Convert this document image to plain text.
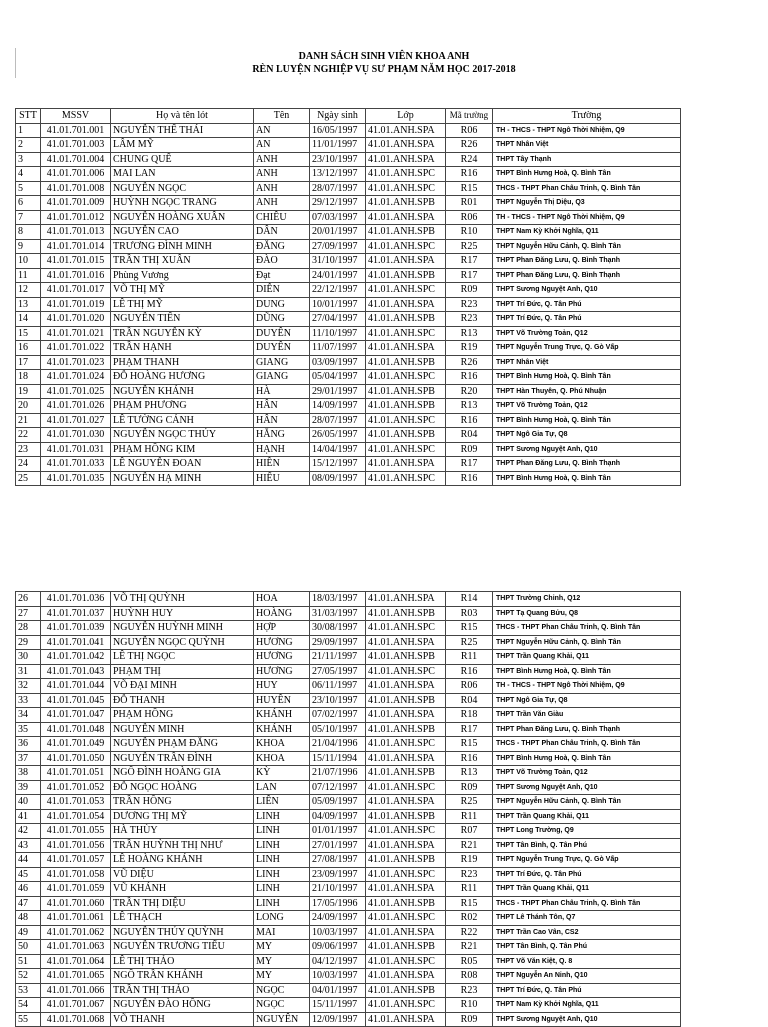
DANH SÁCH SINH VIÊN KHOA ANH
RÈN LUYỆN NGHIỆP VỤ SƯ PHẠM NĂM HỌC 2017-2018
STT	MSSV	Họ và tên lót	Tên	Ngày sinh	Lớp	Mã trường	Trường
1	41.01.701.001	NGUYỄN THẾ THÁI	AN	16/05/1997	41.01.ANH.SPA	R06	TH - THCS - THPT Ngô Thời Nhiệm, Q9
2	41.01.701.003	LÂM MỸ	AN	11/01/1997	41.01.ANH.SPA	R26	THPT Nhân Việt
3	41.01.701.004	CHUNG QUẾ	ANH	23/10/1997	41.01.ANH.SPA	R24	THPT Tây Thạnh
4	41.01.701.006	MAI LAN	ANH	13/12/1997	41.01.ANH.SPC	R16	THPT Bình Hưng Hoà, Q. Bình Tân
5	41.01.701.008	NGUYỄN NGỌC	ANH	28/07/1997	41.01.ANH.SPC	R15	THCS - THPT Phan Châu Trinh, Q. Bình Tân
6	41.01.701.009	HUỲNH NGỌC TRANG	ANH	29/12/1997	41.01.ANH.SPB	R01	THPT Nguyễn Thị Diệu, Q3
7	41.01.701.012	NGUYỄN HOÀNG XUÂN	CHIÊU	07/03/1997	41.01.ANH.SPA	R06	TH - THCS - THPT Ngô Thời Nhiệm, Q9
8	41.01.701.013	NGUYỄN CAO	DÂN	20/01/1997	41.01.ANH.SPB	R10	THPT Nam Kỳ Khởi Nghĩa, Q11
9	41.01.701.014	TRƯƠNG ĐÌNH MINH	ĐĂNG	27/09/1997	41.01.ANH.SPC	R25	THPT Nguyễn Hữu Cảnh, Q. Bình Tân
10	41.01.701.015	TRẦN THỊ XUÂN	ĐÀO	31/10/1997	41.01.ANH.SPA	R17	THPT Phan Đăng Lưu, Q. Bình Thạnh
11	41.01.701.016	Phùng Vương	Đạt	24/01/1997	41.01.ANH.SPB	R17	THPT Phan Đăng Lưu, Q. Bình Thạnh
12	41.01.701.017	VÕ THỊ MỸ	DIỄN	22/12/1997	41.01.ANH.SPC	R09	THPT Sương Nguyệt Anh, Q10
13	41.01.701.019	LÊ THỊ MỸ	DUNG	10/01/1997	41.01.ANH.SPA	R23	THPT Trí Đức, Q. Tân Phú
14	41.01.701.020	NGUYỄN TIẾN	DŨNG	27/04/1997	41.01.ANH.SPB	R23	THPT Trí Đức, Q. Tân Phú
15	41.01.701.021	TRẦN NGUYỄN KỲ	DUYÊN	11/10/1997	41.01.ANH.SPC	R13	THPT Võ Trường Toản, Q12
16	41.01.701.022	TRẦN HẠNH	DUYÊN	11/07/1997	41.01.ANH.SPA	R19	THPT Nguyễn Trung Trực, Q. Gò Vấp
17	41.01.701.023	PHẠM THANH	GIANG	03/09/1997	41.01.ANH.SPB	R26	THPT Nhân Việt
18	41.01.701.024	ĐỖ HOÀNG HƯƠNG	GIANG	05/04/1997	41.01.ANH.SPC	R16	THPT Bình Hưng Hoà, Q. Bình Tân
19	41.01.701.025	NGUYỄN KHÁNH	HÀ	29/01/1997	41.01.ANH.SPB	R20	THPT Hàn Thuyên, Q. Phú Nhuận
20	41.01.701.026	PHẠM PHƯƠNG	HÂN	14/09/1997	41.01.ANH.SPB	R13	THPT Võ Trường Toản, Q12
21	41.01.701.027	LÊ TƯỜNG CẢNH	HÂN	28/07/1997	41.01.ANH.SPC	R16	THPT Bình Hưng Hoà, Q. Bình Tân
22	41.01.701.030	NGUYỄN NGỌC THÚY	HẰNG	26/05/1997	41.01.ANH.SPB	R04	THPT Ngô Gia Tự, Q8
23	41.01.701.031	PHẠM HỒNG KIM	HẠNH	14/04/1997	41.01.ANH.SPC	R09	THPT Sương Nguyệt Anh, Q10
24	41.01.701.033	LÊ NGUYỄN ĐOAN	HIỀN	15/12/1997	41.01.ANH.SPA	R17	THPT Phan Đăng Lưu, Q. Bình Thạnh
25	41.01.701.035	NGUYỄN HẠ MINH	HIẾU	08/09/1997	41.01.ANH.SPC	R16	THPT Bình Hưng Hoà, Q. Bình Tân
26	41.01.701.036	VÕ THỊ QUỲNH	HOA	18/03/1997	41.01.ANH.SPA	R14	THPT Trường Chinh, Q12
27	41.01.701.037	HUỲNH HUY	HOÀNG	31/03/1997	41.01.ANH.SPB	R03	THPT Tạ Quang Bửu, Q8
28	41.01.701.039	NGUYỄN HUỲNH MINH	HỢP	30/08/1997	41.01.ANH.SPC	R15	THCS - THPT Phan Châu Trinh, Q. Bình Tân
29	41.01.701.041	NGUYỄN NGỌC QUỲNH	HƯƠNG	29/09/1997	41.01.ANH.SPA	R25	THPT Nguyễn Hữu Cảnh, Q. Bình Tân
30	41.01.701.042	LÊ THỊ NGỌC	HƯƠNG	21/11/1997	41.01.ANH.SPB	R11	THPT Trần Quang Khải, Q11
31	41.01.701.043	PHẠM THỊ	HƯƠNG	27/05/1997	41.01.ANH.SPC	R16	THPT Bình Hưng Hoà, Q. Bình Tân
32	41.01.701.044	VÕ ĐẠI MINH	HUY	06/11/1997	41.01.ANH.SPA	R06	TH - THCS - THPT Ngô Thời Nhiệm, Q9
33	41.01.701.045	ĐỖ THANH	HUYỀN	23/10/1997	41.01.ANH.SPB	R04	THPT Ngô Gia Tự, Q8
34	41.01.701.047	PHẠM HỒNG	KHÁNH	07/02/1997	41.01.ANH.SPA	R18	THPT Trần Văn Giàu
35	41.01.701.048	NGUYỄN MINH	KHÁNH	05/10/1997	41.01.ANH.SPB	R17	THPT Phan Đăng Lưu, Q. Bình Thạnh
36	41.01.701.049	NGUYỄN PHẠM ĐĂNG	KHOA	21/04/1996	41.01.ANH.SPC	R15	THCS - THPT Phan Châu Trinh, Q. Bình Tân
37	41.01.701.050	NGUYỄN TRẦN ĐÌNH	KHOA	15/11/1994	41.01.ANH.SPA	R16	THPT Bình Hưng Hoà, Q. Bình Tân
38	41.01.701.051	NGÔ ĐÌNH HOÀNG GIA	KỲ	21/07/1996	41.01.ANH.SPB	R13	THPT Võ Trường Toản, Q12
39	41.01.701.052	ĐỖ NGỌC HOÀNG	LAN	07/12/1997	41.01.ANH.SPC	R09	THPT Sương Nguyệt Anh, Q10
40	41.01.701.053	TRẦN HỒNG	LIÊN	05/09/1997	41.01.ANH.SPA	R25	THPT Nguyễn Hữu Cảnh, Q. Bình Tân
41	41.01.701.054	DƯƠNG THỊ MỸ	LINH	04/09/1997	41.01.ANH.SPB	R11	THPT Trần Quang Khải, Q11
42	41.01.701.055	HÀ THÙY	LINH	01/01/1997	41.01.ANH.SPC	R07	THPT Long Trường, Q9
43	41.01.701.056	TRẦN HUỲNH THỊ NHƯ	LINH	27/01/1997	41.01.ANH.SPA	R21	THPT Tân Bình, Q. Tân Phú
44	41.01.701.057	LÊ HOÀNG KHÁNH	LINH	27/08/1997	41.01.ANH.SPB	R19	THPT Nguyễn Trung Trực, Q. Gò Vấp
45	41.01.701.058	VŨ DIỆU	LINH	23/09/1997	41.01.ANH.SPC	R23	THPT Trí Đức, Q. Tân Phú
46	41.01.701.059	VŨ KHÁNH	LINH	21/10/1997	41.01.ANH.SPA	R11	THPT Trần Quang Khải, Q11
47	41.01.701.060	TRẦN THỊ DIỆU	LINH	17/05/1996	41.01.ANH.SPB	R15	THCS - THPT Phan Châu Trinh, Q. Bình Tân
48	41.01.701.061	LÊ THẠCH	LONG	24/09/1997	41.01.ANH.SPC	R02	THPT Lê Thánh Tôn, Q7
49	41.01.701.062	NGUYỄN THỦY QUỲNH	MAI	10/03/1997	41.01.ANH.SPA	R22	THPT Trần Cao Vân, CS2
50	41.01.701.063	NGUYỄN TRƯƠNG TIỂU	MY	09/06/1997	41.01.ANH.SPB	R21	THPT Tân Bình, Q. Tân Phú
51	41.01.701.064	LÊ THỊ THẢO	MY	04/12/1997	41.01.ANH.SPC	R05	THPT Võ Văn Kiệt, Q. 8
52	41.01.701.065	NGÔ TRẦN KHÁNH	MY	10/03/1997	41.01.ANH.SPA	R08	THPT Nguyễn An Ninh, Q10
53	41.01.701.066	TRẦN THỊ THẢO	NGỌC	04/01/1997	41.01.ANH.SPB	R23	THPT Trí Đức, Q. Tân Phú
54	41.01.701.067	NGUYỄN ĐÀO HỒNG	NGỌC	15/11/1997	41.01.ANH.SPC	R10	THPT Nam Kỳ Khởi Nghĩa, Q11
55	41.01.701.068	VÕ THANH	NGUYÊN	12/09/1997	41.01.ANH.SPA	R09	THPT Sương Nguyệt Anh, Q10
